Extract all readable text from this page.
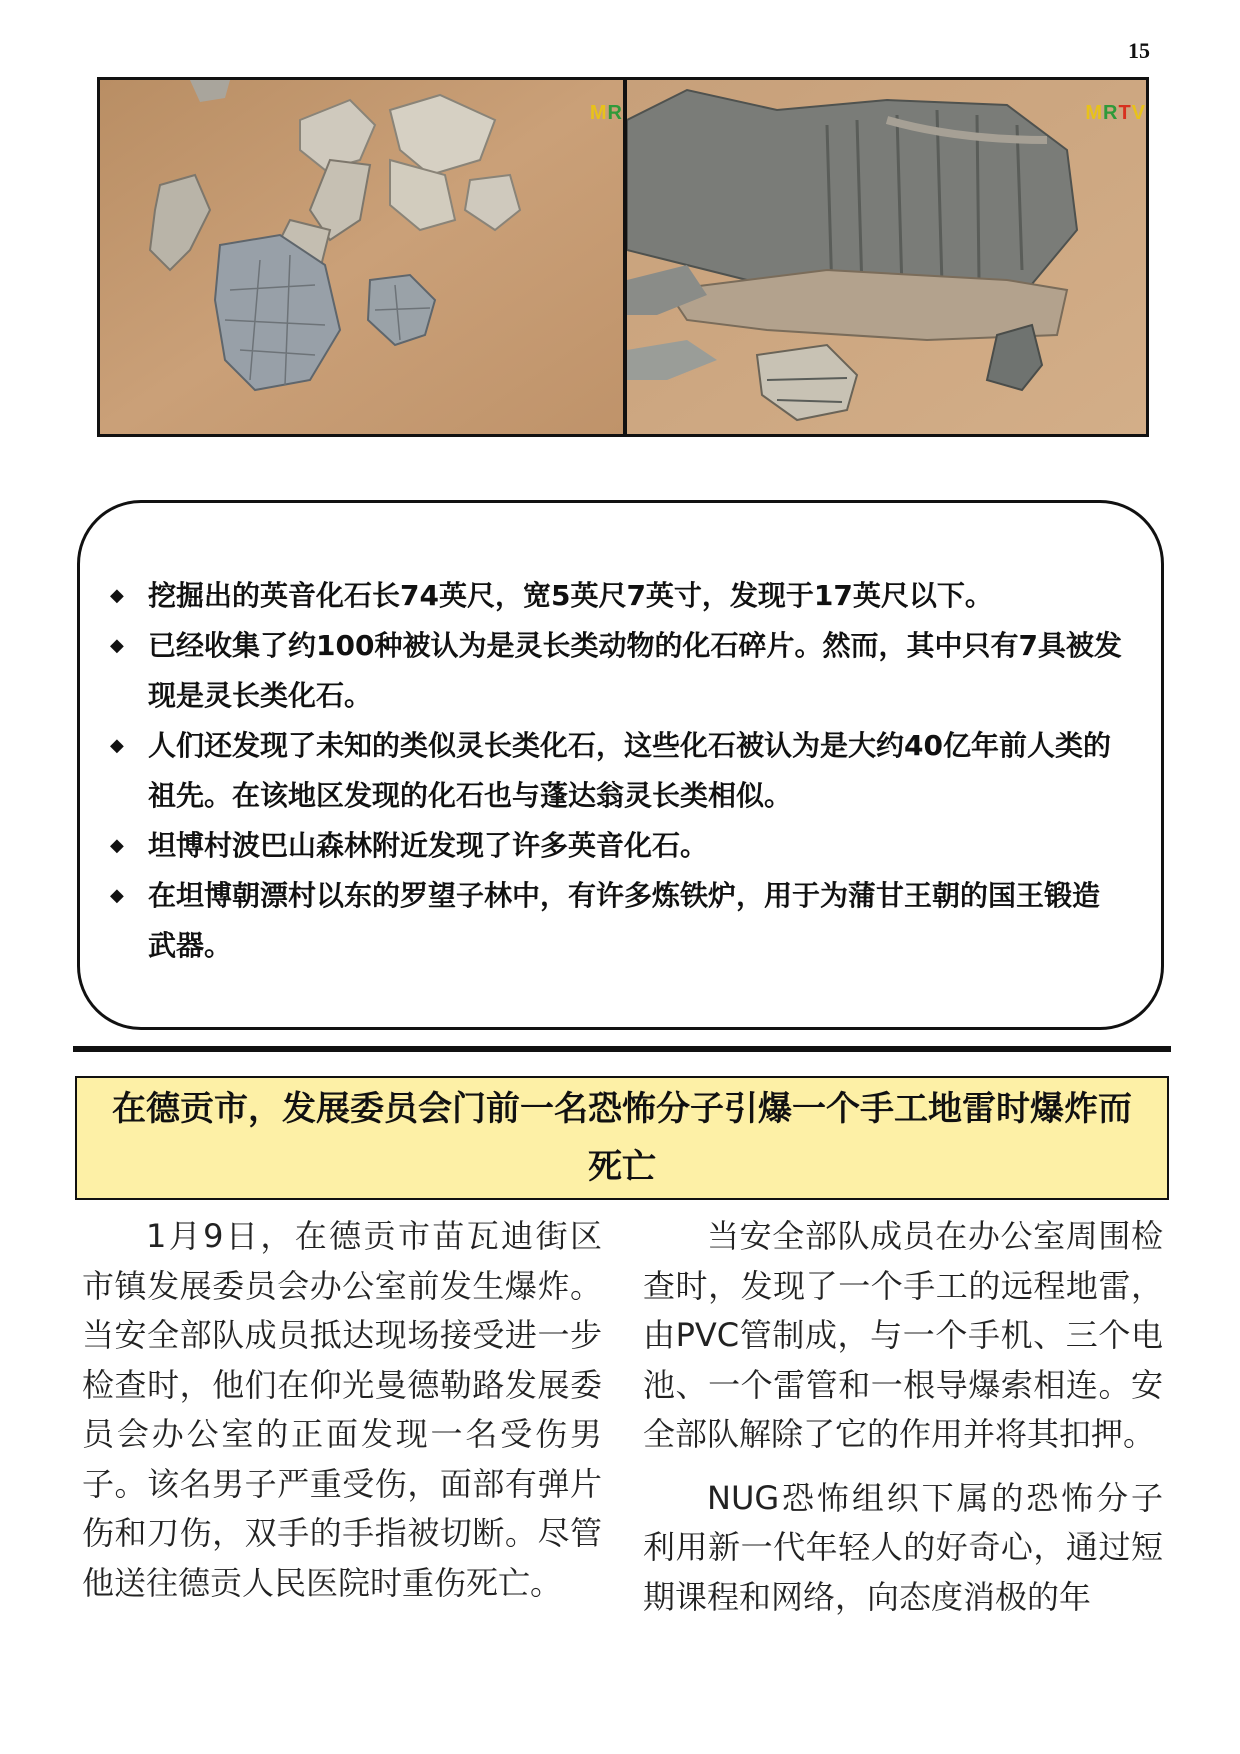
15
MR	MRTV
◆ 挖掘出的英音化石长74英尺，宽5英尺7英寸，发现于17英尺以下。
◆ 已经收集了约100种被认为是灵长类动物的化石碎片。然而，其中只有7具被发现是灵长类化石。
◆ 人们还发现了未知的类似灵长类化石，这些化石被认为是大约40亿年前人类的祖先。在该地区发现的化石也与蓬达翁灵长类相似。
◆ 坦博村波巴山森林附近发现了许多英音化石。
◆ 在坦博朝漂村以东的罗望子林中，有许多炼铁炉，用于为蒲甘王朝的国王锻造武器。
在德贡市，发展委员会门前一名恐怖分子引爆一个手工地雷时爆炸而死亡

1月9日，在德贡市苗瓦迪街区市镇发展委员会办公室前发生爆炸。当安全部队成员抵达现场接受进一步检查时，他们在仰光曼德勒路发展委员会办公室的正面发现一名受伤男子。该名男子严重受伤，面部有弹片伤和刀伤，双手的手指被切断。尽管他送往德贡人民医院时重伤死亡。

当安全部队成员在办公室周围检查时，发现了一个手工的远程地雷，由PVC管制成，与一个手机、三个电池、一个雷管和一根导爆索相连。安全部队解除了它的作用并将其扣押。

NUG恐怖组织下属的恐怖分子利用新一代年轻人的好奇心，通过短期课程和网络，向态度消极的年
